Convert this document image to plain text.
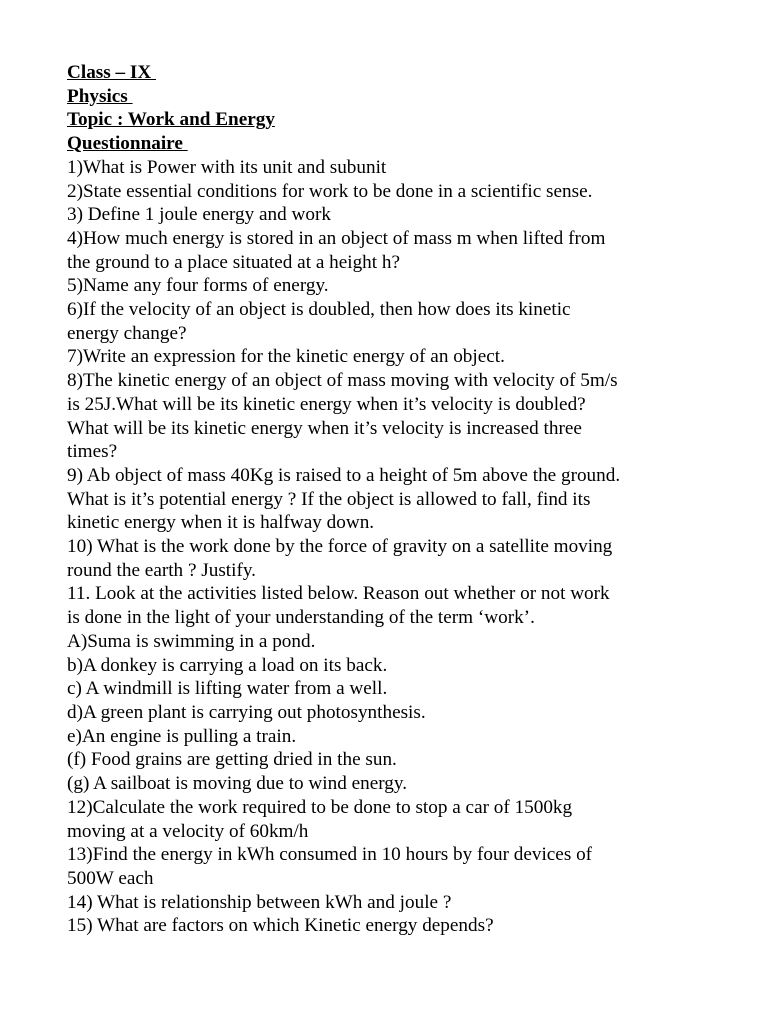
Class – IX
Physics
Topic : Work and Energy
Questionnaire
1)What is Power with its unit and subunit
2)State essential conditions for work to be done in a scientific sense.
3) Define 1 joule energy and work
4)How much energy is stored in an object of mass m when lifted from
the ground to a place situated at a height h?
5)Name any four forms of energy.
6)If the velocity of an object is doubled, then how does its kinetic
energy change?
7)Write an expression for the kinetic energy of an object.
8)The kinetic energy of an object of mass moving with velocity of 5m/s
is 25J.What will be its kinetic energy when it’s velocity is doubled?
What will be its kinetic energy when it’s velocity is increased three
times?
9) Ab object of mass 40Kg is raised to a height of 5m above the ground.
What is it’s potential energy ? If the object is allowed to fall, find its
kinetic energy when it is halfway down.
10) What is the work done by the force of gravity on a satellite moving
round the earth ? Justify.
11. Look at the activities listed below. Reason out whether or not work
is done in the light of your understanding of the term ‘work’.
A)Suma is swimming in a pond.
b)A donkey is carrying a load on its back.
c) A windmill is lifting water from a well.
d)A green plant is carrying out photosynthesis.
e)An engine is pulling a train.
(f) Food grains are getting dried in the sun.
(g) A sailboat is moving due to wind energy.
12)Calculate the work required to be done to stop a car of 1500kg
moving at a velocity of 60km/h
13)Find the energy in kWh consumed in 10 hours by four devices of
500W each
14) What is relationship between kWh and joule ?
15) What are factors on which Kinetic energy depends?
